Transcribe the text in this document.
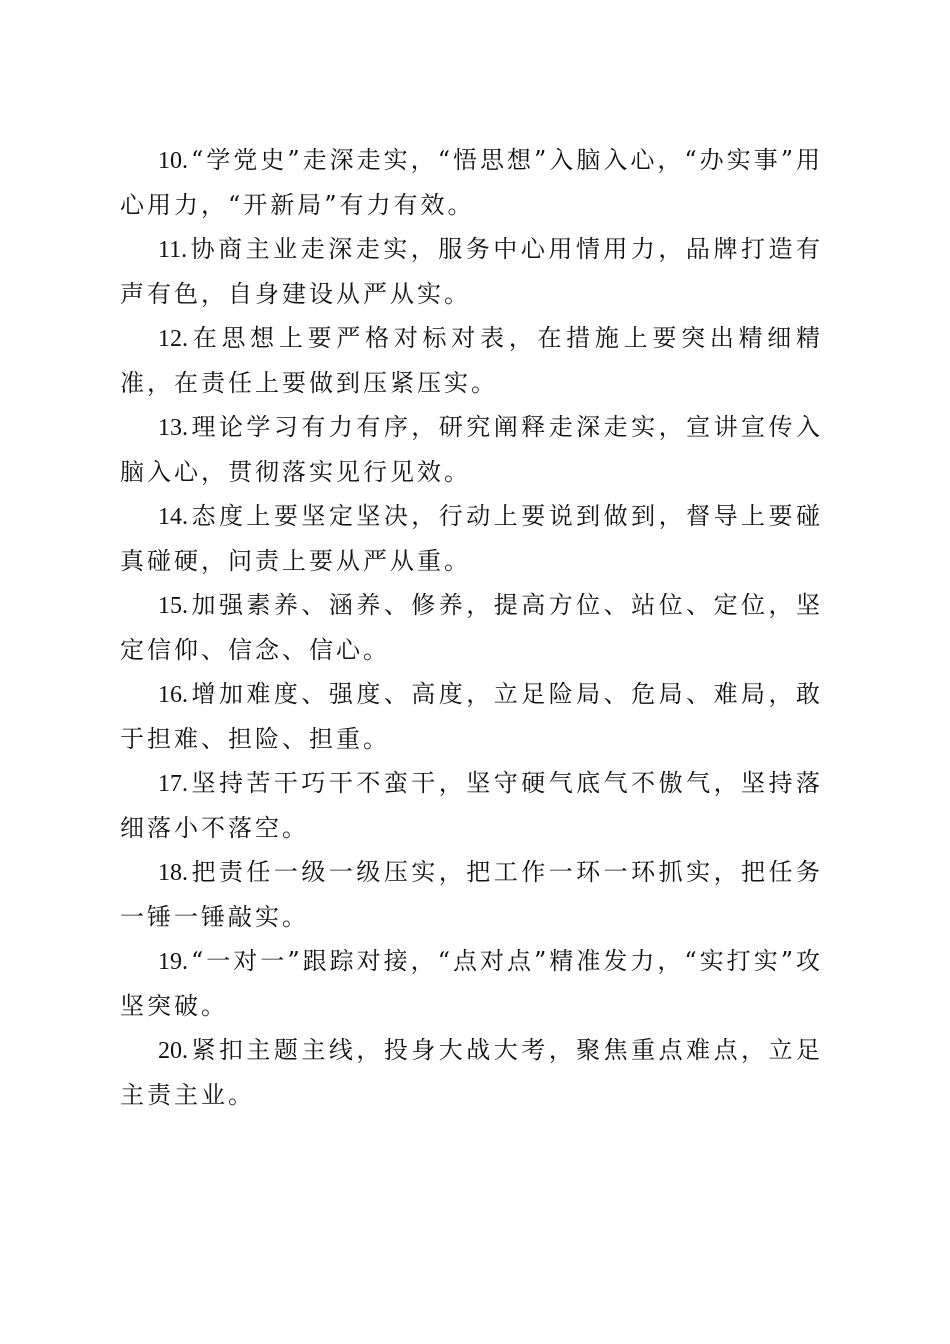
10. “学党史”走深走实，“悟思想”入脑入心，“办实事”用心用力，“开新局”有力有效。

11. 协商主业走深走实，服务中心用情用力，品牌打造有声有色，自身建设从严从实。

12. 在思想上要严格对标对表，在措施上要突出精细精准，在责任上要做到压紧压实。

13. 理论学习有力有序，研究阐释走深走实，宣讲宣传入脑入心，贯彻落实见行见效。

14. 态度上要坚定坚决，行动上要说到做到，督导上要碰真碰硬，问责上要从严从重。

15. 加强素养、涵养、修养，提高方位、站位、定位，坚定信仰、信念、信心。

16. 增加难度、强度、高度，立足险局、危局、难局，敢于担难、担险、担重。

17. 坚持苦干巧干不蛮干，坚守硬气底气不傲气，坚持落细落小不落空。

18. 把责任一级一级压实，把工作一环一环抓实，把任务一锤一锤敲实。

19. “一对一”跟踪对接，“点对点”精准发力，“实打实”攻坚突破。

20. 紧扣主题主线，投身大战大考，聚焦重点难点，立足主责主业。
